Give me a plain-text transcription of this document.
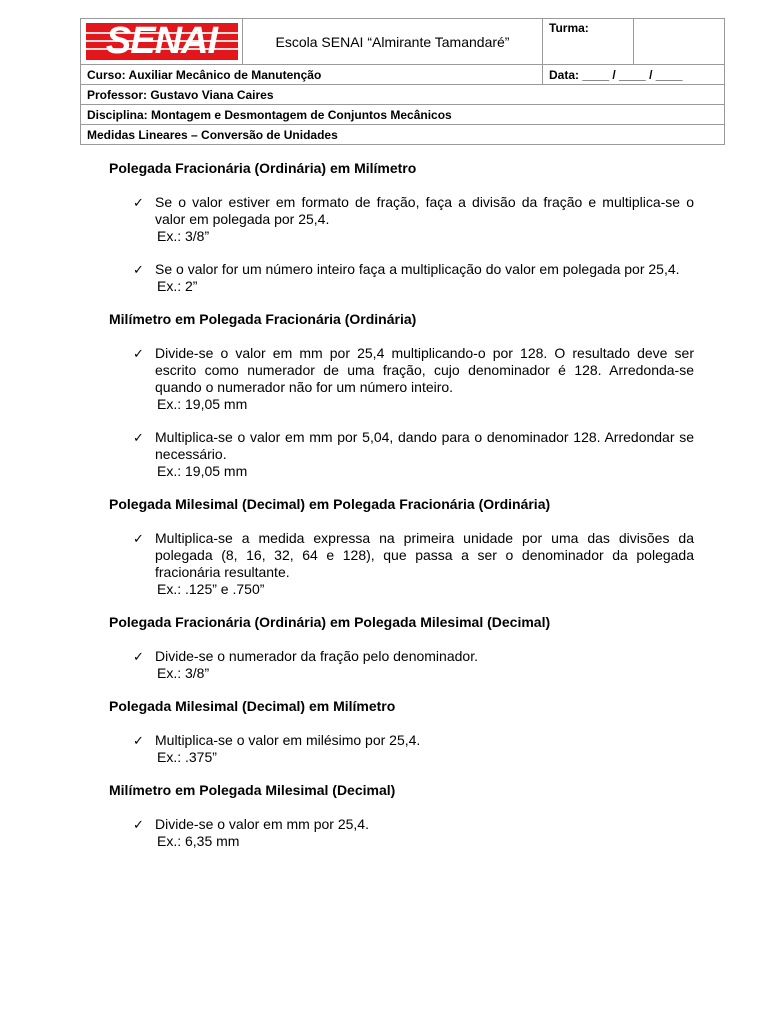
SENAI	Escola SENAI “Almirante Tamandaré”	Turma:	
Curso: Auxiliar Mecânico de Manutenção		Data: ____ / ____ / ____	
Professor: Gustavo Viana Caires			
Disciplina: Montagem e Desmontagem de Conjuntos Mecânicos			
Medidas Lineares – Conversão de Unidades			
Polegada Fracionária (Ordinária) em Milímetro
✓ Se o valor estiver em formato de fração, faça a divisão da fração e multiplica-se o valor em polegada por 25,4.
Ex.: 3/8”
✓ Se o valor for um número inteiro faça a multiplicação do valor em polegada por 25,4.
Ex.: 2”
Milímetro em Polegada Fracionária (Ordinária)
✓ Divide-se o valor em mm por 25,4 multiplicando-o por 128. O resultado deve ser escrito como numerador de uma fração, cujo denominador é 128. Arredonda-se quando o numerador não for um número inteiro.
Ex.: 19,05 mm
✓ Multiplica-se o valor em mm por 5,04, dando para o denominador 128. Arredondar se necessário.
Ex.: 19,05 mm
Polegada Milesimal (Decimal) em Polegada Fracionária (Ordinária)
✓ Multiplica-se a medida expressa na primeira unidade por uma das divisões da polegada (8, 16, 32, 64 e 128), que passa a ser o denominador da polegada fracionária resultante.
Ex.: .125” e .750”
Polegada Fracionária (Ordinária) em Polegada Milesimal (Decimal)
✓ Divide-se o numerador da fração pelo denominador.
Ex.: 3/8”
Polegada Milesimal (Decimal) em Milímetro
✓ Multiplica-se o valor em milésimo por 25,4.
Ex.: .375”
Milímetro em Polegada Milesimal (Decimal)
✓ Divide-se o valor em mm por 25,4.
Ex.: 6,35 mm
